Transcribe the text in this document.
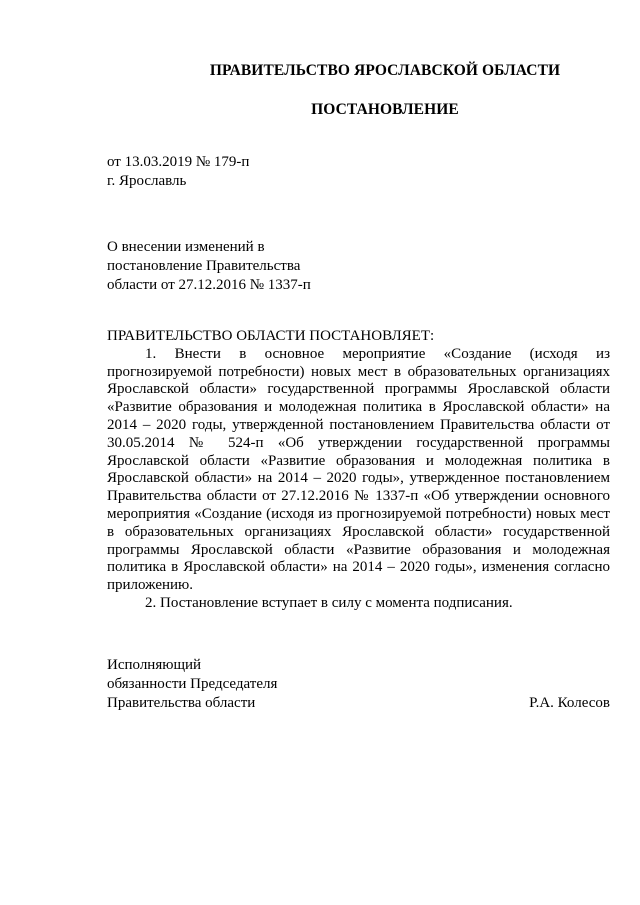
ПРАВИТЕЛЬСТВО ЯРОСЛАВСКОЙ ОБЛАСТИ
ПОСТАНОВЛЕНИЕ
от 13.03.2019 № 179-п
г. Ярославль
О внесении изменений в
постановление Правительства
области от 27.12.2016 № 1337-п
ПРАВИТЕЛЬСТВО ОБЛАСТИ ПОСТАНОВЛЯЕТ:

1. Внести в основное мероприятие «Создание (исходя из прогнозируемой потребности) новых мест в образовательных организациях Ярославской области» государственной программы Ярославской области «Развитие образования и молодежная политика в Ярославской области» на 2014 – 2020 годы, утвержденной постановлением Правительства области от 30.05.2014 № 524-п «Об утверждении государственной программы Ярославской области «Развитие образования и молодежная политика в Ярославской области» на 2014 – 2020 годы», утвержденное постановлением Правительства области от 27.12.2016 № 1337-п «Об утверждении основного мероприятия «Создание (исходя из прогнозируемой потребности) новых мест в образовательных организациях Ярославской области» государственной программы Ярославской области «Развитие образования и молодежная политика в Ярославской области» на 2014 – 2020 годы», изменения согласно приложению.

2. Постановление вступает в силу с момента подписания.

Исполняющий
обязанности Председателя
Правительства области	Р.А. Колесов
